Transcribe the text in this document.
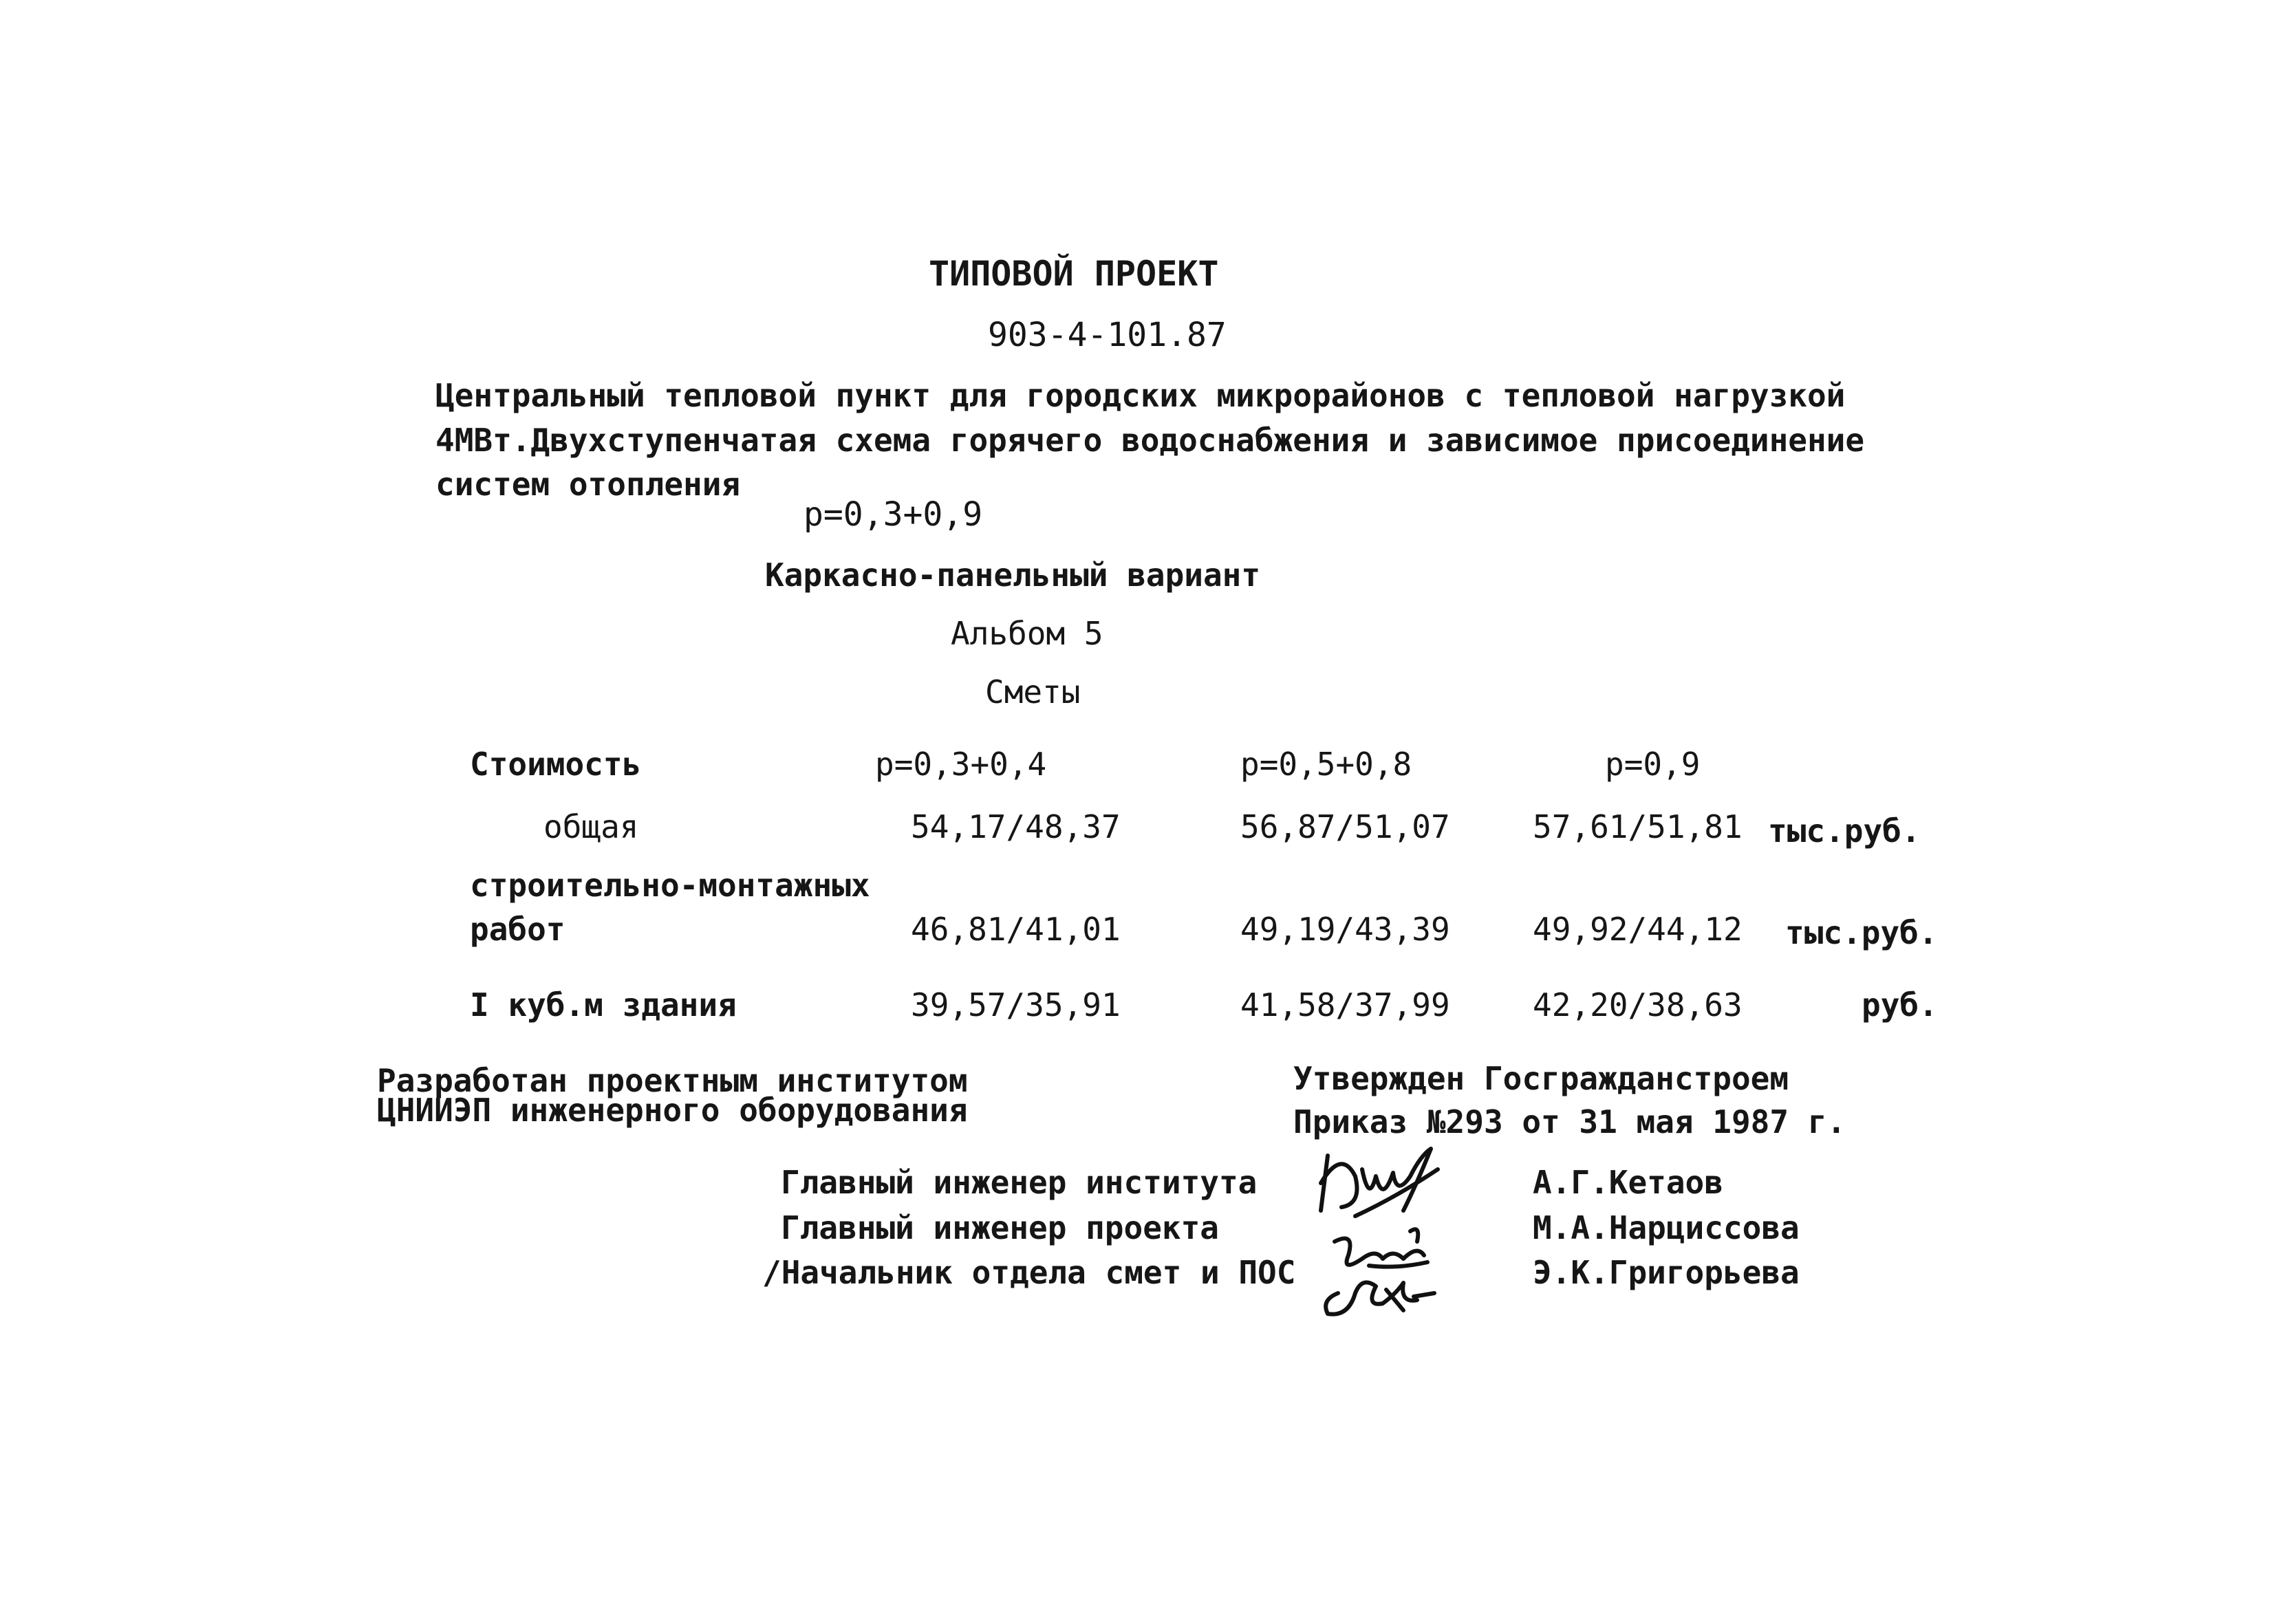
ТИПОВОЙ ПРОЕКТ
903-4-101.87
Центральный тепловой пункт для городских микрорайонов с тепловой нагрузкой
4МВт.Двухступенчатая схема горячего водоснабжения и зависимое присоединение
систем отопления
р=0,3+0,9
Каркасно-панельный вариант
Альбом 5
Сметы
Стоимость	р=0,3+0,4	р=0,5+0,8	р=0,9
общая	54,17/48,37	56,87/51,07	57,61/51,81 тыс.руб.
строительно-монтажных
работ	46,81/41,01	49,19/43,39	49,92/44,12 тыс.руб.
I куб.м здания	39,57/35,91	41,58/37,99	42,20/38,63	руб.
Разработан проектным институтом
ЦНИИЭП инженерного оборудования
Утвержден Госгражданстроем
Приказ №293 от 31 мая 1987 г.
Главный инженер института	А.Г.Кетаов
Главный инженер проекта	М.А.Нарциссова
/Начальник отдела смет и ПОС	Э.К.Григорьева
